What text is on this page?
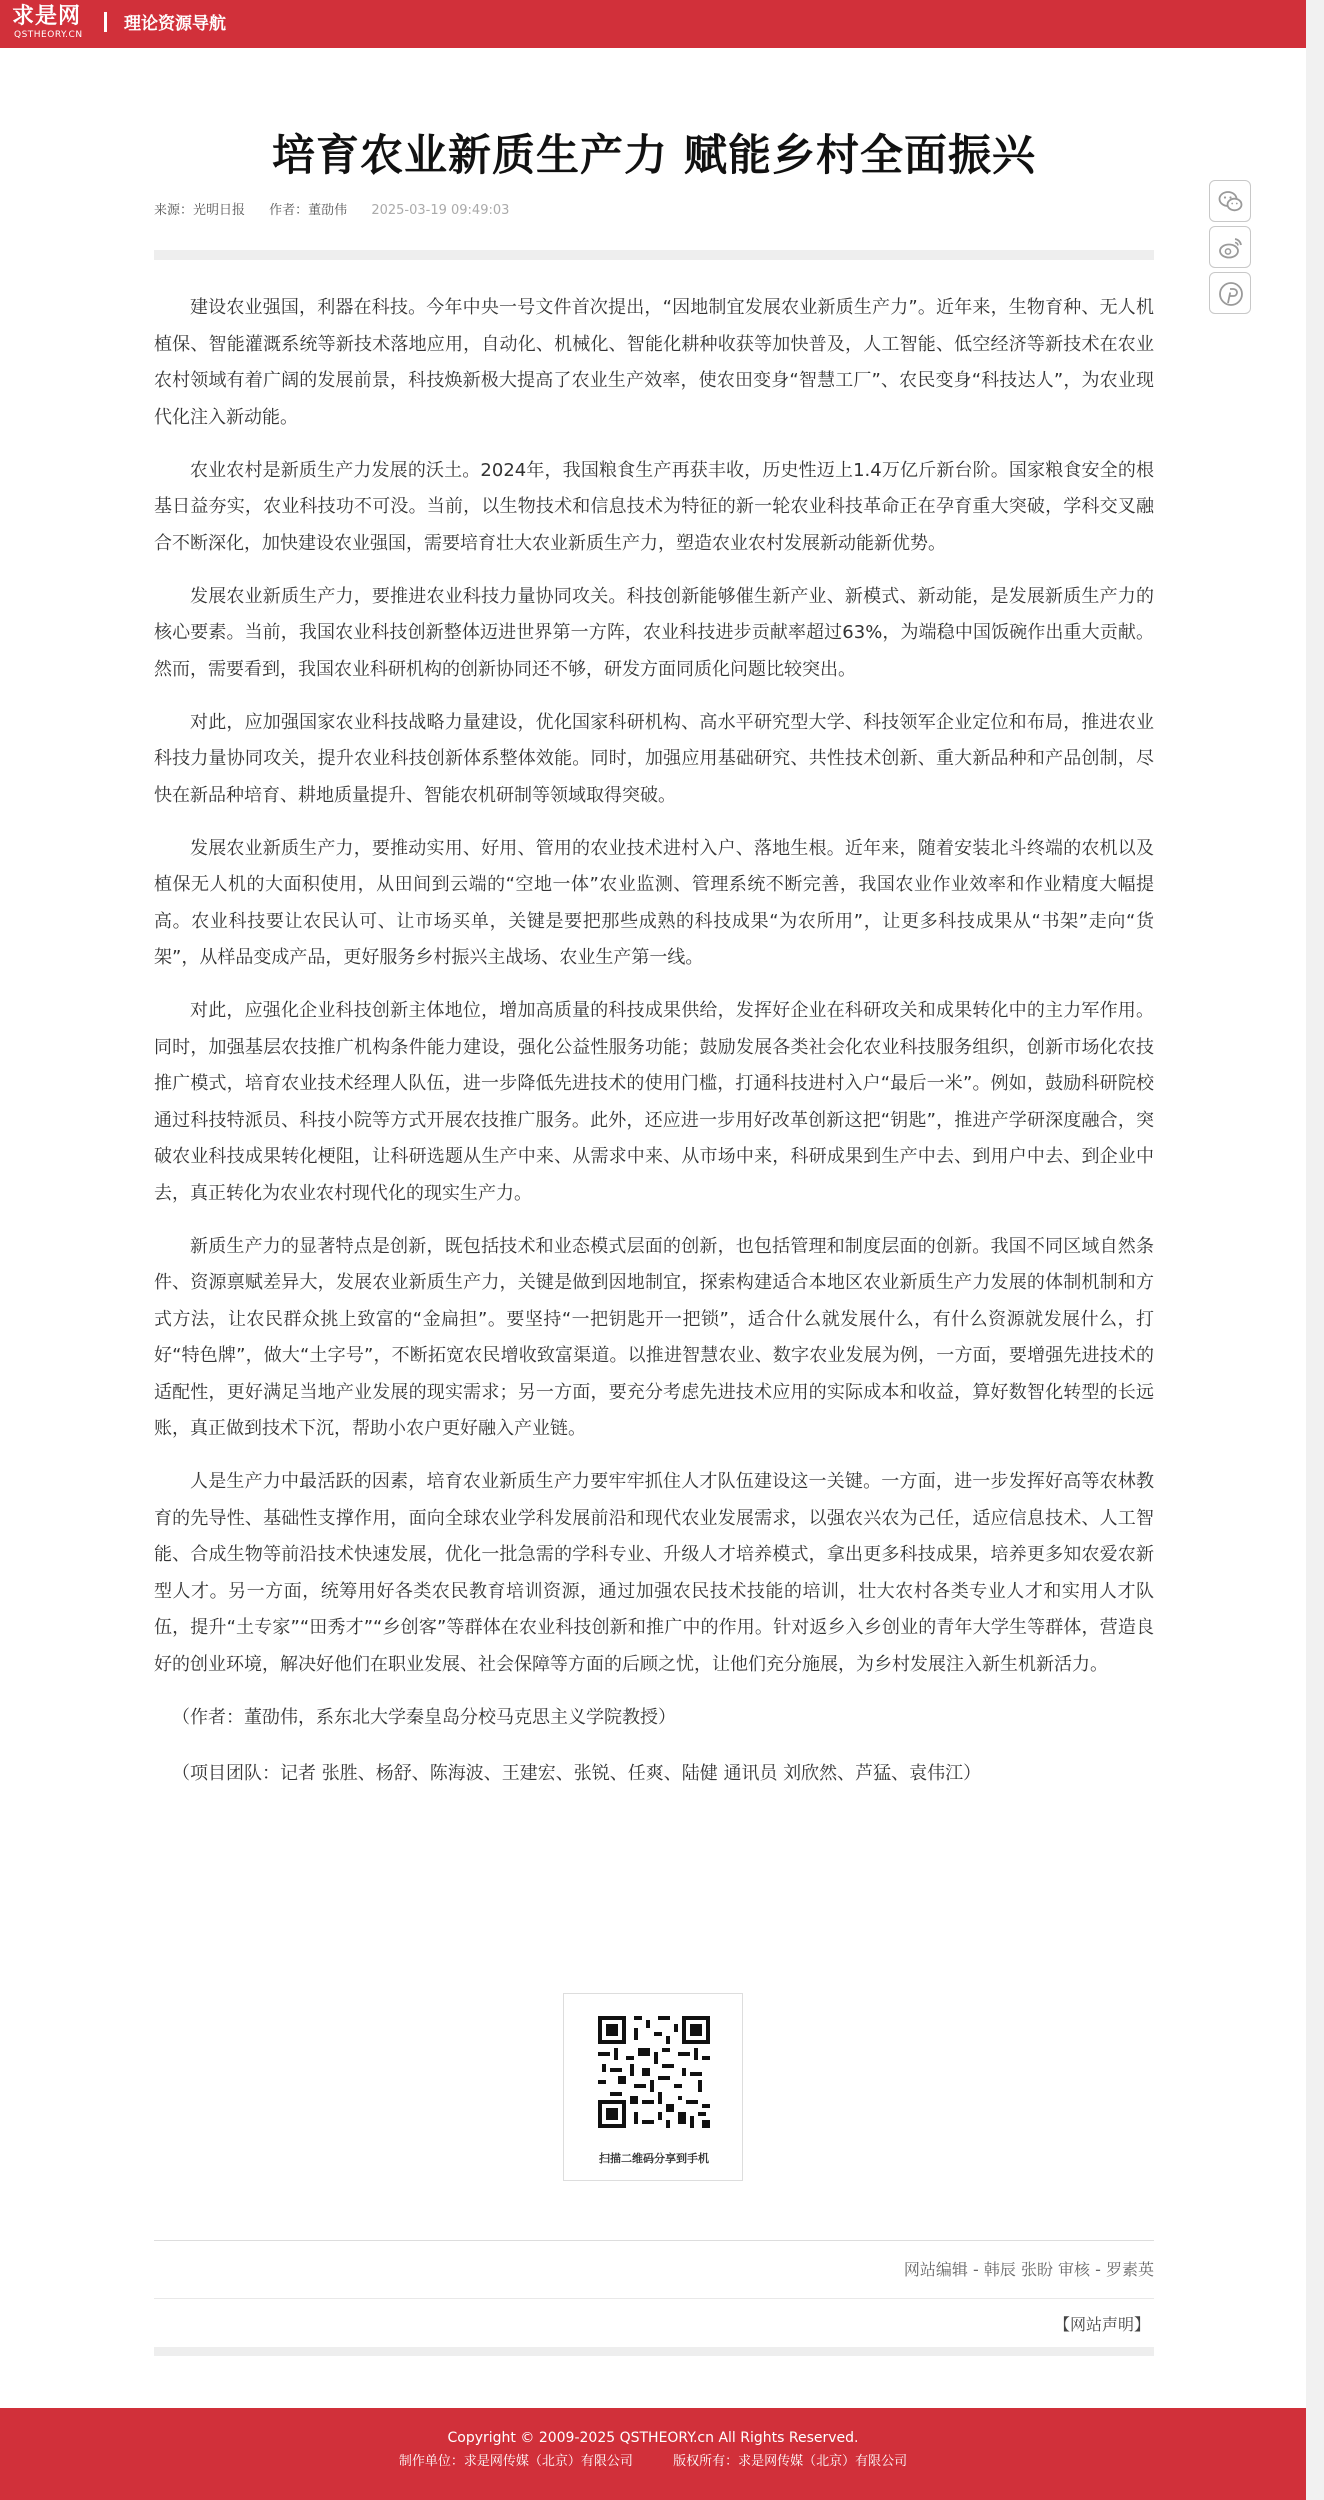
求是网
QSTHEORY.CN
理论资源导航
培育农业新质生产力 赋能乡村全面振兴
来源：光明日报 作者：董劭伟 2025-03-19 09:49:03

建设农业强国，利器在科技。今年中央一号文件首次提出，“因地制宜发展农业新质生产力”。近年来，生物育种、无人机植保、智能灌溉系统等新技术落地应用，自动化、机械化、智能化耕种收获等加快普及，人工智能、低空经济等新技术在农业农村领域有着广阔的发展前景，科技焕新极大提高了农业生产效率，使农田变身“智慧工厂”、农民变身“科技达人”，为农业现代化注入新动能。

农业农村是新质生产力发展的沃土。2024年，我国粮食生产再获丰收，历史性迈上1.4万亿斤新台阶。国家粮食安全的根基日益夯实，农业科技功不可没。当前，以生物技术和信息技术为特征的新一轮农业科技革命正在孕育重大突破，学科交叉融合不断深化，加快建设农业强国，需要培育壮大农业新质生产力，塑造农业农村发展新动能新优势。

发展农业新质生产力，要推进农业科技力量协同攻关。科技创新能够催生新产业、新模式、新动能，是发展新质生产力的核心要素。当前，我国农业科技创新整体迈进世界第一方阵，农业科技进步贡献率超过63%，为端稳中国饭碗作出重大贡献。然而，需要看到，我国农业科研机构的创新协同还不够，研发方面同质化问题比较突出。

对此，应加强国家农业科技战略力量建设，优化国家科研机构、高水平研究型大学、科技领军企业定位和布局，推进农业科技力量协同攻关，提升农业科技创新体系整体效能。同时，加强应用基础研究、共性技术创新、重大新品种和产品创制，尽快在新品种培育、耕地质量提升、智能农机研制等领域取得突破。

发展农业新质生产力，要推动实用、好用、管用的农业技术进村入户、落地生根。近年来，随着安装北斗终端的农机以及植保无人机的大面积使用，从田间到云端的“空地一体”农业监测、管理系统不断完善，我国农业作业效率和作业精度大幅提高。农业科技要让农民认可、让市场买单，关键是要把那些成熟的科技成果“为农所用”，让更多科技成果从“书架”走向“货架”，从样品变成产品，更好服务乡村振兴主战场、农业生产第一线。

对此，应强化企业科技创新主体地位，增加高质量的科技成果供给，发挥好企业在科研攻关和成果转化中的主力军作用。同时，加强基层农技推广机构条件能力建设，强化公益性服务功能；鼓励发展各类社会化农业科技服务组织，创新市场化农技推广模式，培育农业技术经理人队伍，进一步降低先进技术的使用门槛，打通科技进村入户“最后一米”。例如，鼓励科研院校通过科技特派员、科技小院等方式开展农技推广服务。此外，还应进一步用好改革创新这把“钥匙”，推进产学研深度融合，突破农业科技成果转化梗阻，让科研选题从生产中来、从需求中来、从市场中来，科研成果到生产中去、到用户中去、到企业中去，真正转化为农业农村现代化的现实生产力。

新质生产力的显著特点是创新，既包括技术和业态模式层面的创新，也包括管理和制度层面的创新。我国不同区域自然条件、资源禀赋差异大，发展农业新质生产力，关键是做到因地制宜，探索构建适合本地区农业新质生产力发展的体制机制和方式方法，让农民群众挑上致富的“金扁担”。要坚持“一把钥匙开一把锁”，适合什么就发展什么，有什么资源就发展什么，打好“特色牌”，做大“土字号”，不断拓宽农民增收致富渠道。以推进智慧农业、数字农业发展为例，一方面，要增强先进技术的适配性，更好满足当地产业发展的现实需求；另一方面，要充分考虑先进技术应用的实际成本和收益，算好数智化转型的长远账，真正做到技术下沉，帮助小农户更好融入产业链。

人是生产力中最活跃的因素，培育农业新质生产力要牢牢抓住人才队伍建设这一关键。一方面，进一步发挥好高等农林教育的先导性、基础性支撑作用，面向全球农业学科发展前沿和现代农业发展需求，以强农兴农为己任，适应信息技术、人工智能、合成生物等前沿技术快速发展，优化一批急需的学科专业、升级人才培养模式，拿出更多科技成果，培养更多知农爱农新型人才。另一方面，统筹用好各类农民教育培训资源，通过加强农民技术技能的培训，壮大农村各类专业人才和实用人才队伍，提升“土专家”“田秀才”“乡创客”等群体在农业科技创新和推广中的作用。针对返乡入乡创业的青年大学生等群体，营造良好的创业环境，解决好他们在职业发展、社会保障等方面的后顾之忧，让他们充分施展，为乡村发展注入新生机新活力。

（作者：董劭伟，系东北大学秦皇岛分校马克思主义学院教授）

（项目团队：记者 张胜、杨舒、陈海波、王建宏、张锐、任爽、陆健 通讯员 刘欣然、芦猛、袁伟江）

扫描二维码分享到手机
网站编辑 - 韩辰 张盼 审核 - 罗素英
【网站声明】
Copyright © 2009-2025 QSTHEORY.cn All Rights Reserved.
制作单位：求是网传媒（北京）有限公司	版权所有：求是网传媒（北京）有限公司
